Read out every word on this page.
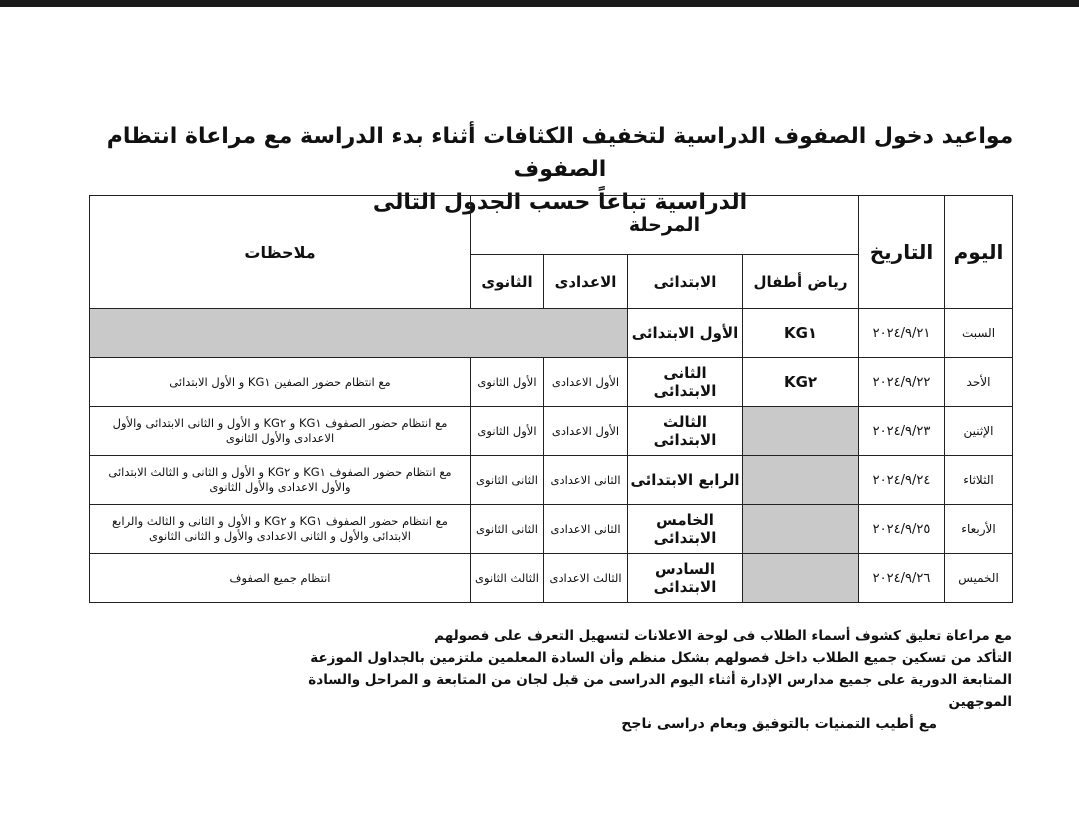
مواعيد دخول الصفوف الدراسية لتخفيف الكثافات أثناء بدء الدراسة مع مراعاة انتظام الصفوف
الدراسية تباعاً حسب الجدول التالى
اليوم	التاريخ	المرحلة				ملاحظات
		رياض أطفال	الابتدائى	الاعدادى	الثانوى	
السبت	٢٠٢٤/٩/٢١	KG١	الأول الابتدائى			
الأحد	٢٠٢٤/٩/٢٢	KG٢	الثانى الابتدائى	الأول الاعدادى	الأول الثانوى	مع انتظام حضور الصفين KG١ و الأول الابتدائى
الإثنين	٢٠٢٤/٩/٢٣		الثالث الابتدائى	الأول الاعدادى	الأول الثانوى	مع انتظام حضور الصفوف KG١ و KG٢ و الأول و الثانى الابتدائى والأول الاعدادى والأول الثانوى
الثلاثاء	٢٠٢٤/٩/٢٤		الرابع الابتدائى	الثانى الاعدادى	الثانى الثانوى	مع انتظام حضور الصفوف KG١ و KG٢ و الأول و الثانى و الثالث الابتدائى والأول الاعدادى والأول الثانوى
الأربعاء	٢٠٢٤/٩/٢٥		الخامس الابتدائى	الثانى الاعدادى	الثانى الثانوى	مع انتظام حضور الصفوف KG١ و KG٢ و الأول و الثانى و الثالث والرابع الابتدائى والأول و الثانى الاعدادى والأول و الثانى الثانوى
الخميس	٢٠٢٤/٩/٢٦		السادس الابتدائى	الثالث الاعدادى	الثالث الثانوى	انتظام جميع الصفوف

مع مراعاة تعليق كشوف أسماء الطلاب فى لوحة الاعلانات لتسهيل التعرف على فصولهم

التأكد من تسكين جميع الطلاب داخل فصولهم بشكل منظم وأن السادة المعلمين ملتزمين بالجداول الموزعة

المتابعة الدورية على جميع مدارس الإدارة أثناء اليوم الدراسى من قبل لجان من المتابعة و المراحل والسادة الموجهين

مع أطيب التمنيات بالتوفيق وبعام دراسى ناجح
